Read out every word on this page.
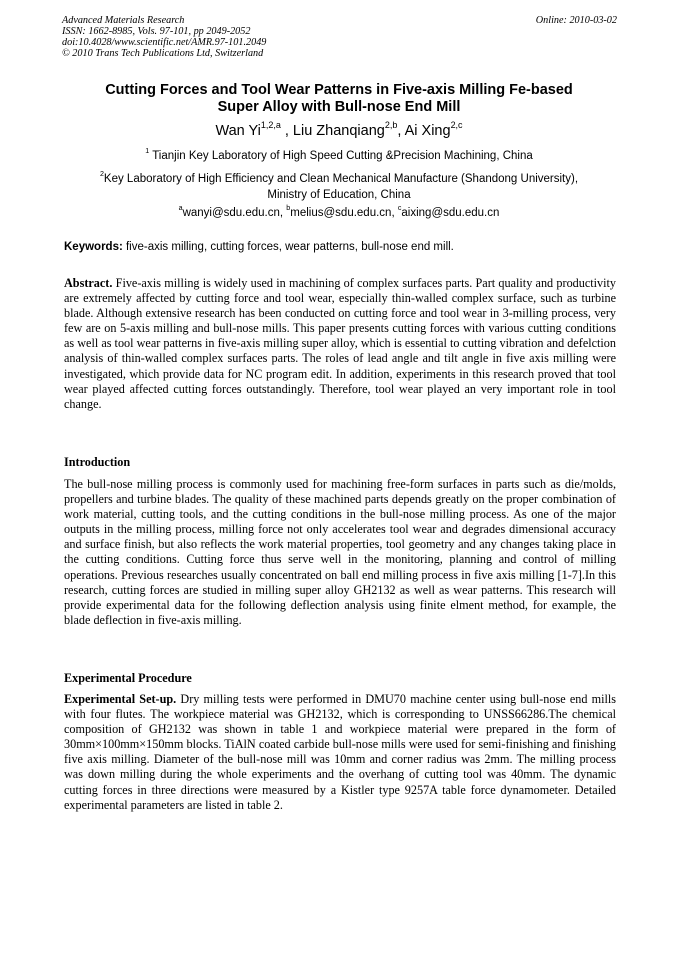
Advanced Materials Research
ISSN: 1662-8985, Vols. 97-101, pp 2049-2052
doi:10.4028/www.scientific.net/AMR.97-101.2049
© 2010 Trans Tech Publications Ltd, Switzerland
Online: 2010-03-02
Cutting Forces and Tool Wear Patterns in Five-axis Milling Fe-based
Super Alloy with Bull-nose End Mill
Wan Yi$^{1,2,a}$ , Liu Zhanqiang$^{2,b}$, Ai Xing$^{2,c}$
$^1$ Tianjin Key Laboratory of High Speed Cutting &Precision Machining, China
$^2$Key Laboratory of High Efficiency and Clean Mechanical Manufacture (Shandong University),
Ministry of Education, China
$^a$wanyi@sdu.edu.cn, $^b$melius@sdu.edu.cn, $^c$aixing@sdu.edu.cn
Keywords: five-axis milling, cutting forces, wear patterns, bull-nose end mill.
Abstract. Five-axis milling is widely used in machining of complex surfaces parts. Part quality and productivity are extremely affected by cutting force and tool wear, especially thin-walled complex surface, such as turbine blade. Although extensive research has been conducted on cutting force and tool wear in 3-milling process, very few are on 5-axis milling and bull-nose mills. This paper presents cutting forces with various cutting conditions as well as tool wear patterns in five-axis milling super alloy, which is essential to cutting vibration and defelction analysis of thin-walled complex surfaces parts. The roles of lead angle and tilt angle in five axis milling were investigated, which provide data for NC program edit. In addition, experiments in this research proved that tool wear played affected cutting forces outstandingly. Therefore, tool wear played an very important role in tool change.
Introduction
The bull-nose milling process is commonly used for machining free-form surfaces in parts such as die/molds, propellers and turbine blades. The quality of these machined parts depends greatly on the proper combination of work material, cutting tools, and the cutting conditions in the bull-nose milling process. As one of the major outputs in the milling process, milling force not only accelerates tool wear and degrades dimensional accuracy and surface finish, but also reflects the work material properties, tool geometry and any changes taking place in the cutting conditions. Cutting force thus serve well in the monitoring, planning and control of milling operations. Previous researches usually concentrated on ball end milling process in five axis milling [1-7].In this research, cutting forces are studied in milling super alloy GH2132 as well as wear patterns. This research will provide experimental data for the following deflection analysis using finite elment method, for example, the blade deflection in five-axis milling.
Experimental Procedure
Experimental Set-up. Dry milling tests were performed in DMU70 machine center using bull-nose end mills with four flutes. The workpiece material was GH2132, which is corresponding to UNSS66286.The chemical composition of GH2132 was shown in table 1 and workpiece material were prepared in the form of 30mm×100mm×150mm blocks. TiAlN coated carbide bull-nose mills were used for semi-finishing and finishing five axis milling. Diameter of the bull-nose mill was 10mm and corner radius was 2mm. The milling process was down milling during the whole experiments and the overhang of cutting tool was 40mm. The dynamic cutting forces in three directions were measured by a Kistler type 9257A table force dynamometer. Detailed experimental parameters are listed in table 2.
